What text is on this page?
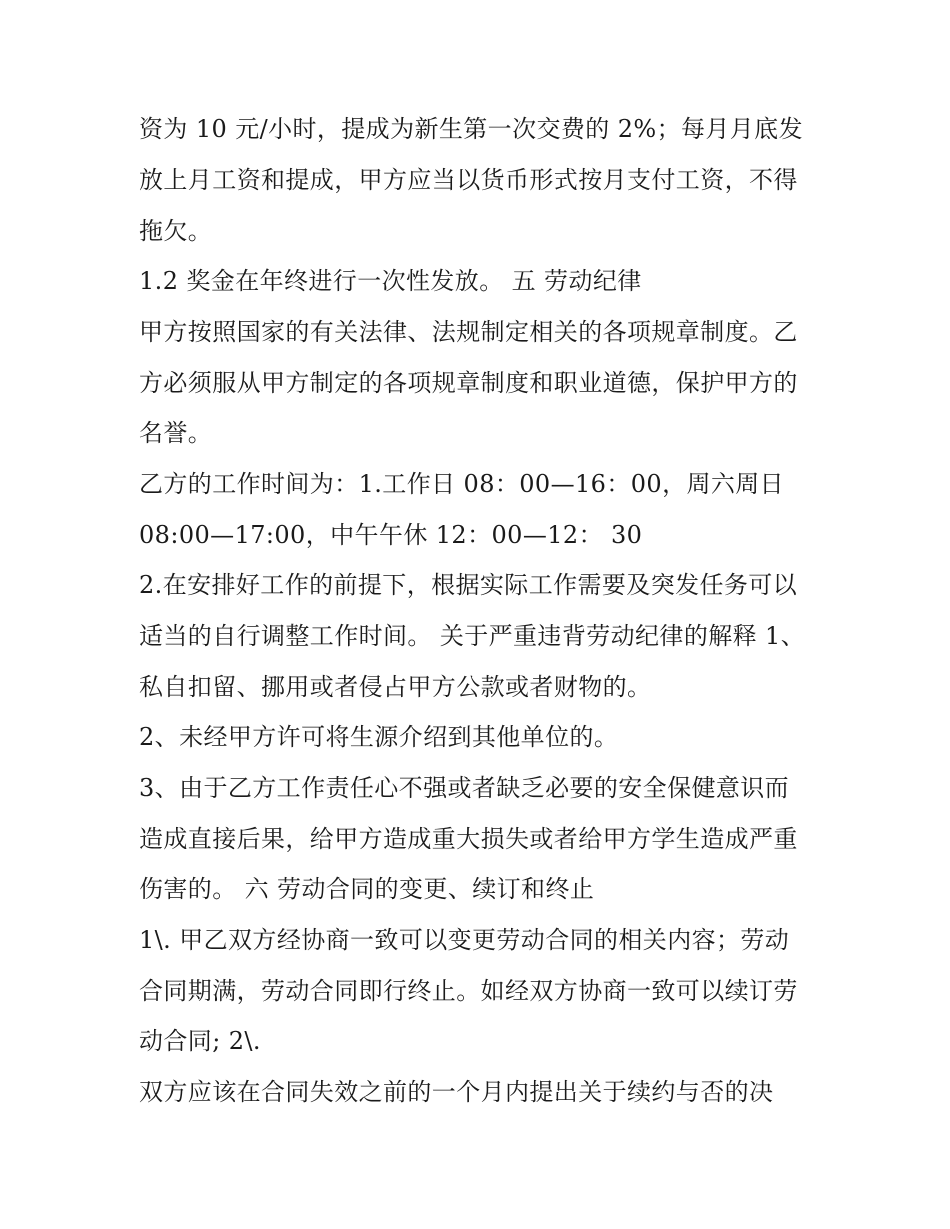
资为 10 元/小时，提成为新生第一次交费的 2%；每月月底发
放上月工资和提成，甲方应当以货币形式按月支付工资，不得
拖欠。
1.2 奖金在年终进行一次性发放。 五 劳动纪律
甲方按照国家的有关法律、法规制定相关的各项规章制度。乙
方必须服从甲方制定的各项规章制度和职业道德，保护甲方的
名誉。
乙方的工作时间为：1.工作日 08：00—16：00，周六周日
08:00—17:00，中午午休 12：00—12： 30
2.在安排好工作的前提下，根据实际工作需要及突发任务可以
适当的自行调整工作时间。 关于严重违背劳动纪律的解释 1、
私自扣留、挪用或者侵占甲方公款或者财物的。
2、未经甲方许可将生源介绍到其他单位的。
3、由于乙方工作责任心不强或者缺乏必要的安全保健意识而
造成直接后果，给甲方造成重大损失或者给甲方学生造成严重
伤害的。 六 劳动合同的变更、续订和终止
1\. 甲乙双方经协商一致可以变更劳动合同的相关内容；劳动
合同期满，劳动合同即行终止。如经双方协商一致可以续订劳
动合同; 2\.
双方应该在合同失效之前的一个月内提出关于续约与否的决
